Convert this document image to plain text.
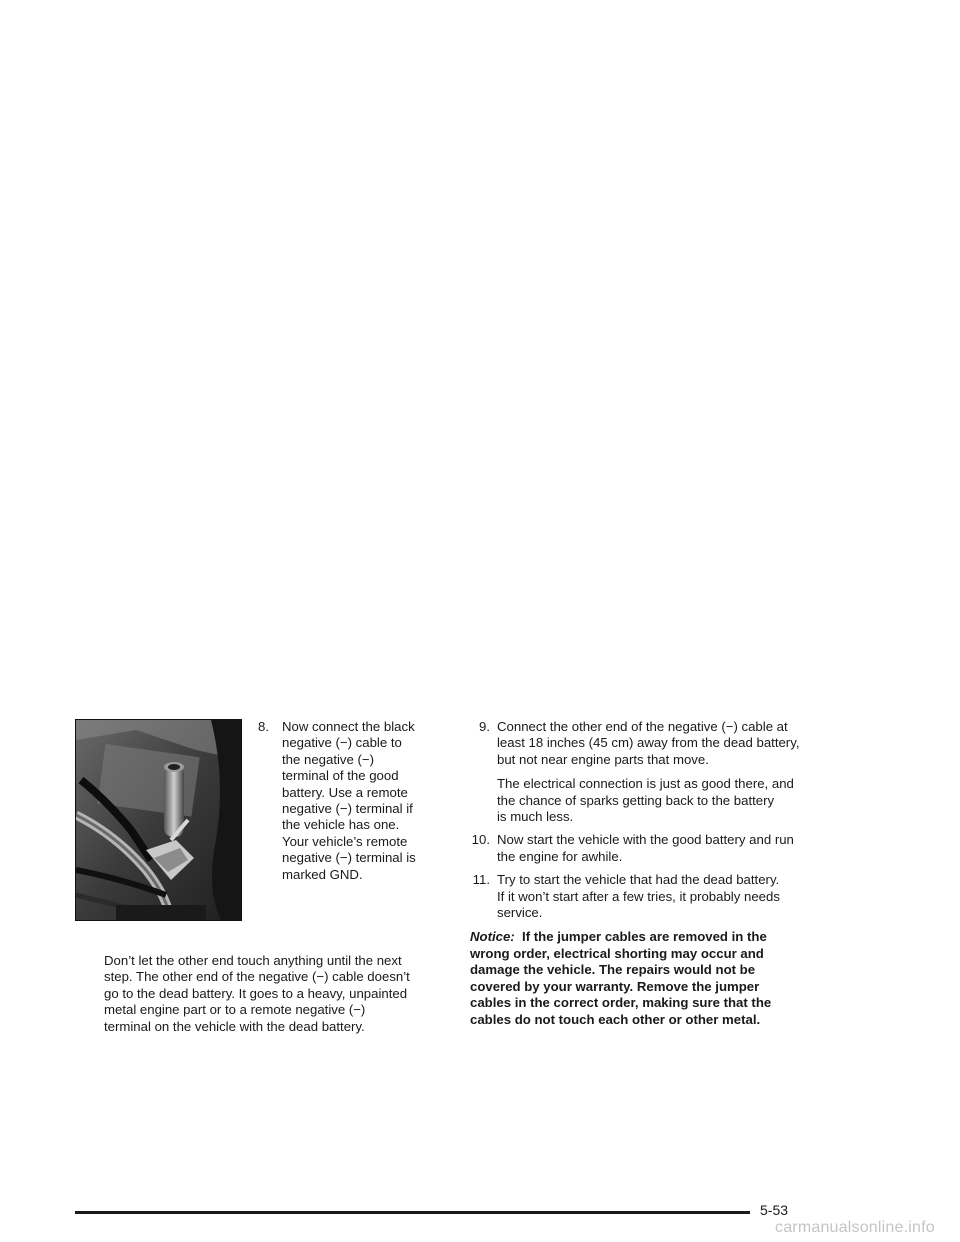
8. Now connect the black
negative (−) cable to
the negative (−)
terminal of the good
battery. Use a remote
negative (−) terminal if
the vehicle has one.
Your vehicle’s remote
negative (−) terminal is
marked GND.
Don’t let the other end touch anything until the next
step. The other end of the negative (−) cable doesn’t
go to the dead battery. It goes to a heavy, unpainted
metal engine part or to a remote negative (−)
terminal on the vehicle with the dead battery.
9. Connect the other end of the negative (−) cable at
least 18 inches (45 cm) away from the dead battery,
but not near engine parts that move.

The electrical connection is just as good there, and
the chance of sparks getting back to the battery
is much less.

10. Now start the vehicle with the good battery and run
the engine for awhile.

11. Try to start the vehicle that had the dead battery.
If it won’t start after a few tries, it probably needs
service.

Notice: If the jumper cables are removed in the
wrong order, electrical shorting may occur and
damage the vehicle. The repairs would not be
covered by your warranty. Remove the jumper
cables in the correct order, making sure that the
cables do not touch each other or other metal.
5-53
carmanualsonline.info
